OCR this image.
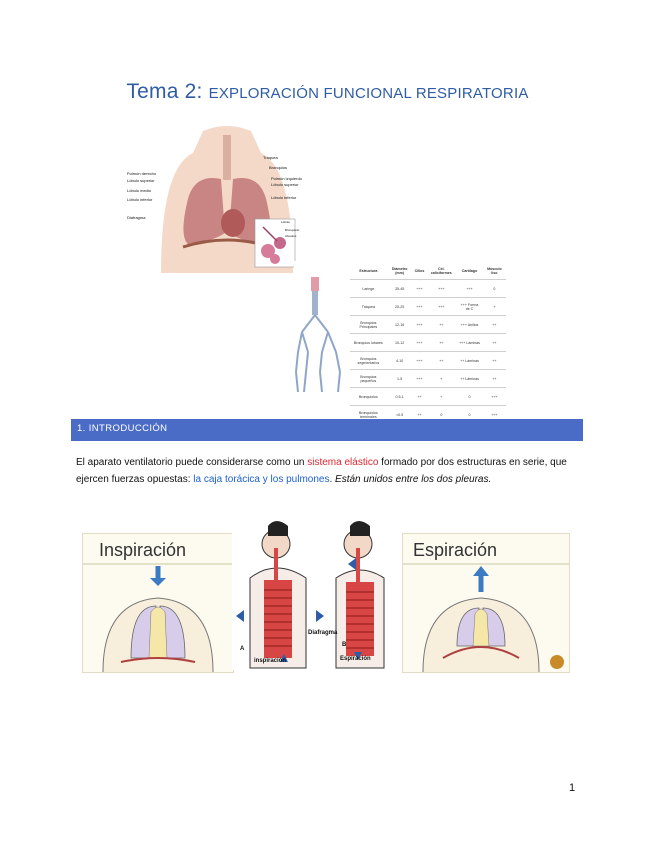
Tema 2: EXPLORACIÓN FUNCIONAL RESPIRATORIA
Pulmón derecho
Lóbulo superior
Lóbulo medio
Lóbulo inferior
Diafragma
Tráquea
Bronquios
Pulmón izquierdo
Lóbulo superior
Lóbulo inferior
Lóbulo
Bronquiolo
Alvéolos
Estructura	Diámetro (mm)	Cilios	Cél. caliciformes	Cartílago	Músculo liso
Laringe	35-45	+++	+++	+++	0
Tráquea	20-25	+++	+++	+++ Forma de C	+
Bronquios Principales	12-16	+++	++	+++ Anillos	++
Bronquios lobares	10-12	+++	++	+++ Láminas	++
Bronquios segmentarios	4-10	+++	++	++ Láminas	++
Bronquios pequeños	1-5	+++	+	++ Láminas	++
Bronquiolos	0.5-1	++	+	0	+++
Bronquiolos terminales	<0.5	++	0	0	+++
1. INTRODUCCIÓN
El aparato ventilatorio puede considerarse como un sistema elástico formado por dos estructuras en serie, que ejercen fuerzas opuestas: la caja torácica y los pulmones. Están unidos entre los dos pleuras.
Inspiración
A
B
Diafragma
inspiración	Espiración
Espiración
1
